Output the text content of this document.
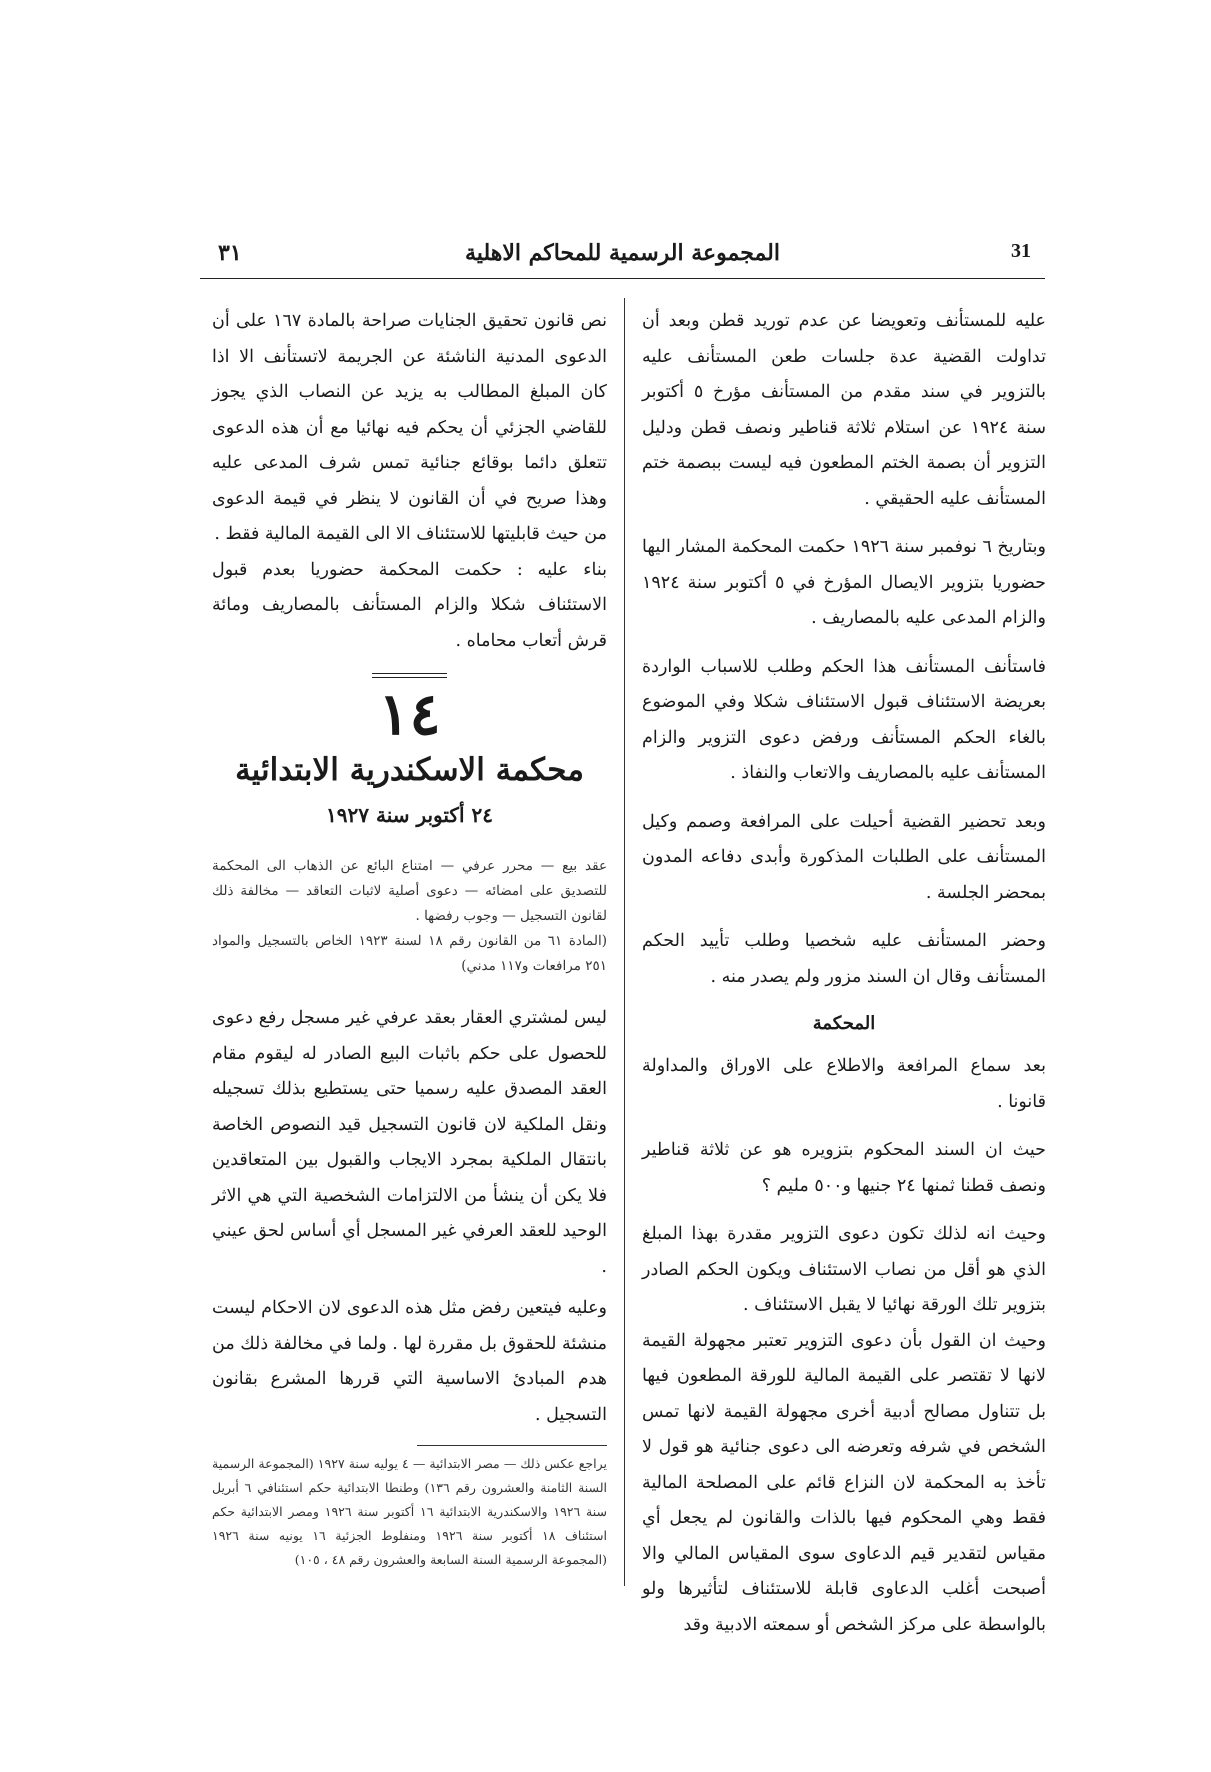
٣١	المجموعة الرسمية للمحاكم الاهلية	31

عليه للمستأنف وتعويضا عن عدم توريد قطن وبعد أن تداولت القضية عدة جلسات طعن المستأنف عليه بالتزوير في سند مقدم من المستأنف مؤرخ ٥ أكتوبر سنة ١٩٢٤ عن استلام ثلاثة قناطير ونصف قطن ودليل التزوير أن بصمة الختم المطعون فيه ليست ببصمة ختم المستأنف عليه الحقيقي .

وبتاريخ ٦ نوفمبر سنة ١٩٢٦ حكمت المحكمة المشار اليها حضوريا بتزوير الايصال المؤرخ في ٥ أكتوبر سنة ١٩٢٤ والزام المدعى عليه بالمصاريف .

فاستأنف المستأنف هذا الحكم وطلب للاسباب الواردة بعريضة الاستئناف قبول الاستئناف شكلا وفي الموضوع بالغاء الحكم المستأنف ورفض دعوى التزوير والزام المستأنف عليه بالمصاريف والاتعاب والنفاذ .

وبعد تحضير القضية أحيلت على المرافعة وصمم وكيل المستأنف على الطلبات المذكورة وأبدى دفاعه المدون بمحضر الجلسة .

وحضر المستأنف عليه شخصيا وطلب تأييد الحكم المستأنف وقال ان السند مزور ولم يصدر منه .

المحكمة

بعد سماع المرافعة والاطلاع على الاوراق والمداولة قانونا .

حيث ان السند المحكوم بتزويره هو عن ثلاثة قناطير ونصف قطنا ثمنها ٢٤ جنيها و٥٠٠ مليم ؟

وحيث انه لذلك تكون دعوى التزوير مقدرة بهذا المبلغ الذي هو أقل من نصاب الاستئناف ويكون الحكم الصادر بتزوير تلك الورقة نهائيا لا يقبل الاستئناف .

وحيث ان القول بأن دعوى التزوير تعتبر مجهولة القيمة لانها لا تقتصر على القيمة المالية للورقة المطعون فيها بل تتناول مصالح أدبية أخرى مجهولة القيمة لانها تمس الشخص في شرفه وتعرضه الى دعوى جنائية هو قول لا تأخذ به المحكمة لان النزاع قائم على المصلحة المالية فقط وهي المحكوم فيها بالذات والقانون لم يجعل أي مقياس لتقدير قيم الدعاوى سوى المقياس المالي والا أصبحت أغلب الدعاوى قابلة للاستئناف لتأثيرها ولو بالواسطة على مركز الشخص أو سمعته الادبية وقد

نص قانون تحقيق الجنايات صراحة بالمادة ١٦٧ على أن الدعوى المدنية الناشئة عن الجريمة لاتستأنف الا اذا كان المبلغ المطالب به يزيد عن النصاب الذي يجوز للقاضي الجزئي أن يحكم فيه نهائيا مع أن هذه الدعوى تتعلق دائما بوقائع جنائية تمس شرف المدعى عليه وهذا صريح في أن القانون لا ينظر في قيمة الدعوى من حيث قابليتها للاستئناف الا الى القيمة المالية فقط .

بناء عليه : حكمت المحكمة حضوريا بعدم قبول الاستئناف شكلا والزام المستأنف بالمصاريف ومائة قرش أتعاب محاماه .

١٤
محكمة الاسكندرية الابتدائية
٢٤ أكتوبر سنة ١٩٢٧

عقد بيع — محرر عرفي — امتناع البائع عن الذهاب الى المحكمة للتصديق على امضائه — دعوى أصلية لاثبات التعاقد — مخالفة ذلك لقانون التسجيل — وجوب رفضها .

(المادة ٦١ من القانون رقم ١٨ لسنة ١٩٢٣ الخاص بالتسجيل والمواد ٢٥١ مرافعات و١١٧ مدني)

ليس لمشتري العقار بعقد عرفي غير مسجل رفع دعوى للحصول على حكم باثبات البيع الصادر له ليقوم مقام العقد المصدق عليه رسميا حتى يستطيع بذلك تسجيله ونقل الملكية لان قانون التسجيل قيد النصوص الخاصة بانتقال الملكية بمجرد الايجاب والقبول بين المتعاقدين فلا يكن أن ينشأ من الالتزامات الشخصية التي هي الاثر الوحيد للعقد العرفي غير المسجل أي أساس لحق عيني .

وعليه فيتعين رفض مثل هذه الدعوى لان الاحكام ليست منشئة للحقوق بل مقررة لها . ولما في مخالفة ذلك من هدم المبادئ الاساسية التي قررها المشرع بقانون التسجيل .

يراجع عكس ذلك — مصر الابتدائية — ٤ يوليه سنة ١٩٢٧ (المجموعة الرسمية السنة الثامنة والعشرون رقم ١٣٦) وطنطا الابتدائية حكم استئنافي ٦ أبريل سنة ١٩٢٦ والاسكندرية الابتدائية ١٦ أكتوبر سنة ١٩٢٦ ومصر الابتدائية حكم استئناف ١٨ أكتوبر سنة ١٩٢٦ ومنفلوط الجزئية ١٦ يونيه سنة ١٩٢٦ (المجموعة الرسمية السنة السابعة والعشرون رقم ٤٨ ، ١٠٥)
